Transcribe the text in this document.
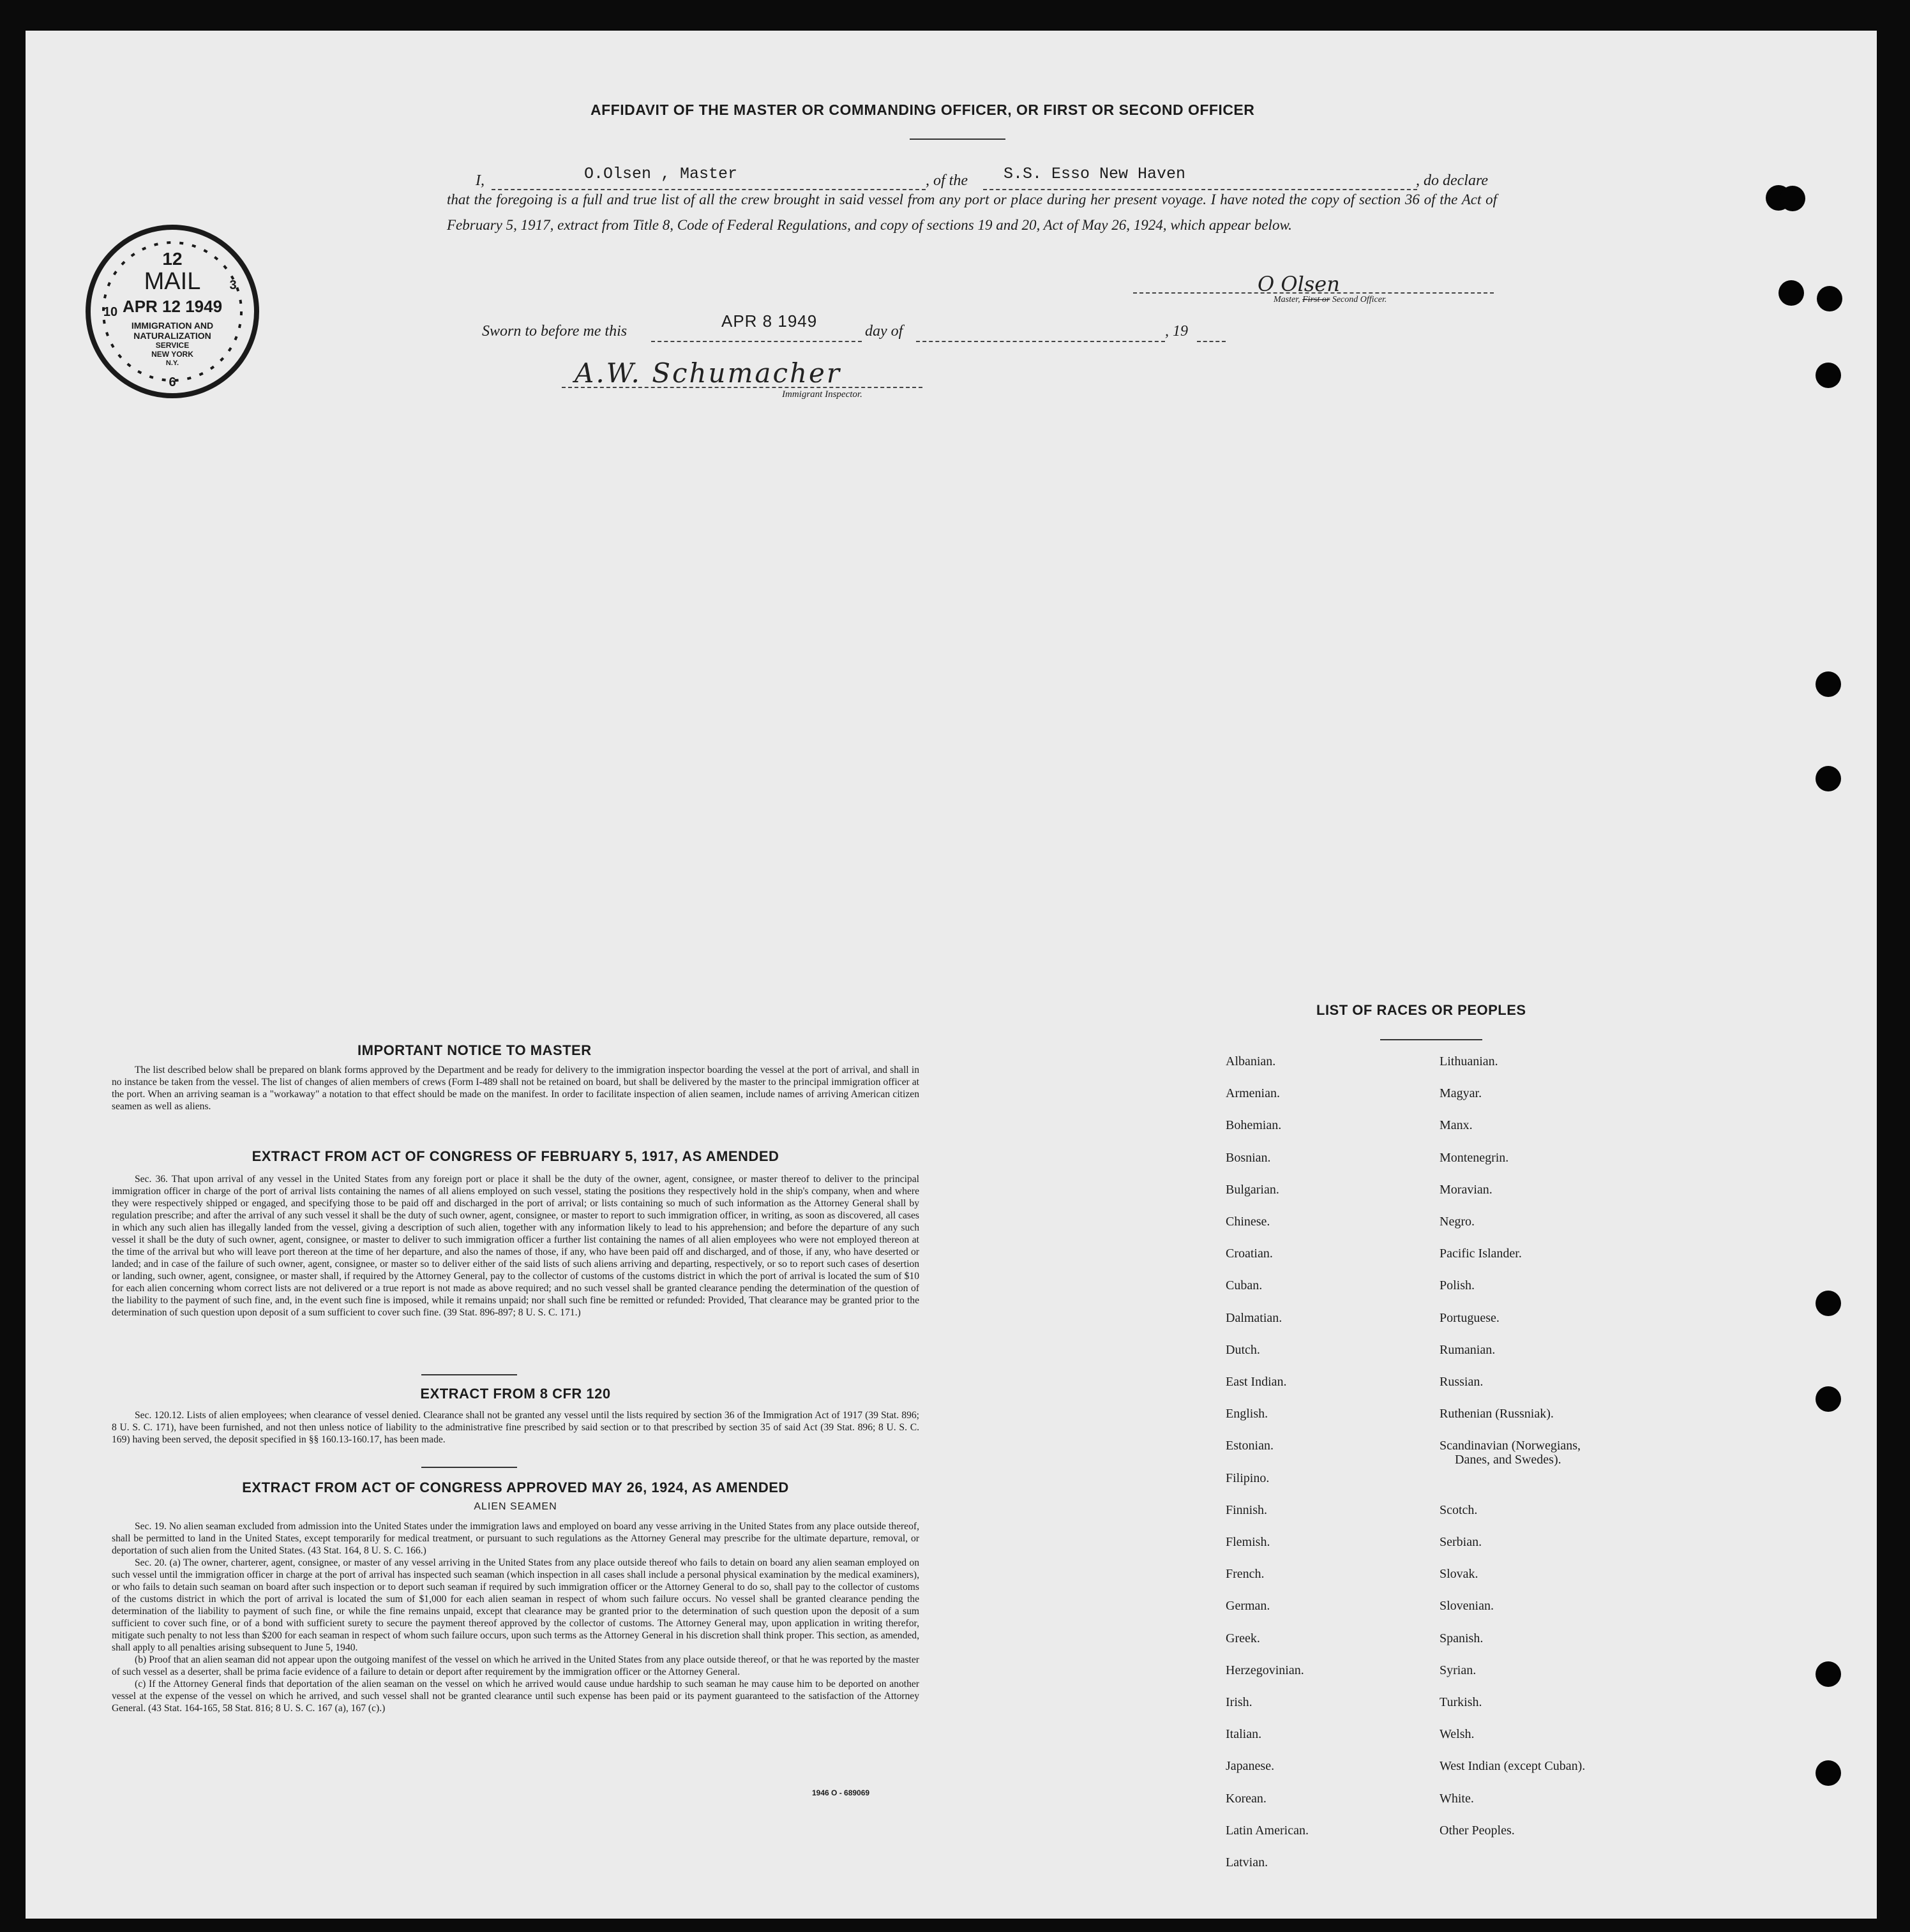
AFFIDAVIT OF THE MASTER OR COMMANDING OFFICER, OR FIRST OR SECOND OFFICER
I,	O.Olsen , Master	, of the S.S. Esso New Haven	, do declare
that the foregoing is a full and true list of all the crew brought in said vessel from any port or place during her present voyage. I have noted the copy of section 36 of the Act of February 5, 1917, extract from Title 8, Code of Federal Regulations, and copy of sections 19 and 20, Act of May 26, 1924, which appear below.
O Olsen
Master, First or Second Officer.
Sworn to before me this
APR 8 1949
day of	, 19
A.W. Schumacher
Immigrant Inspector.
12
10
3
6
MAIL
APR 12 1949
IMMIGRATION AND
NATURALIZATION
SERVICE
NEW YORK
N.Y.
IMPORTANT NOTICE TO MASTER

The list described below shall be prepared on blank forms approved by the Department and be ready for delivery to the immigration inspector boarding the vessel at the port of arrival, and shall in no instance be taken from the vessel. The list of changes of alien members of crews (Form I-489 shall not be retained on board, but shall be delivered by the master to the principal immigration officer at the port. When an arriving seaman is a "workaway" a notation to that effect should be made on the manifest. In order to facilitate inspection of alien seamen, include names of arriving American citizen seamen as well as aliens.

EXTRACT FROM ACT OF CONGRESS OF FEBRUARY 5, 1917, AS AMENDED

Sec. 36. That upon arrival of any vessel in the United States from any foreign port or place it shall be the duty of the owner, agent, consignee, or master thereof to deliver to the principal immigration officer in charge of the port of arrival lists containing the names of all aliens employed on such vessel, stating the positions they respectively hold in the ship's company, when and where they were respectively shipped or engaged, and specifying those to be paid off and discharged in the port of arrival; or lists containing so much of such information as the Attorney General shall by regulation prescribe; and after the arrival of any such vessel it shall be the duty of such owner, agent, consignee, or master to report to such immigration officer, in writing, as soon as discovered, all cases in which any such alien has illegally landed from the vessel, giving a description of such alien, together with any information likely to lead to his apprehension; and before the departure of any such vessel it shall be the duty of such owner, agent, consignee, or master to deliver to such immigration officer a further list containing the names of all alien employees who were not employed thereon at the time of the arrival but who will leave port thereon at the time of her departure, and also the names of those, if any, who have been paid off and discharged, and of those, if any, who have deserted or landed; and in case of the failure of such owner, agent, consignee, or master so to deliver either of the said lists of such aliens arriving and departing, respectively, or so to report such cases of desertion or landing, such owner, agent, consignee, or master shall, if required by the Attorney General, pay to the collector of customs of the customs district in which the port of arrival is located the sum of $10 for each alien concerning whom correct lists are not delivered or a true report is not made as above required; and no such vessel shall be granted clearance pending the determination of the question of the liability to the payment of such fine, and, in the event such fine is imposed, while it remains unpaid; nor shall such fine be remitted or refunded: Provided, That clearance may be granted prior to the determination of such question upon deposit of a sum sufficient to cover such fine. (39 Stat. 896-897; 8 U. S. C. 171.)

EXTRACT FROM 8 CFR 120

Sec. 120.12. Lists of alien employees; when clearance of vessel denied. Clearance shall not be granted any vessel until the lists required by section 36 of the Immigration Act of 1917 (39 Stat. 896; 8 U. S. C. 171), have been furnished, and not then unless notice of liability to the administrative fine prescribed by said section or to that prescribed by section 35 of said Act (39 Stat. 896; 8 U. S. C. 169) having been served, the deposit specified in §§ 160.13-160.17, has been made.

EXTRACT FROM ACT OF CONGRESS APPROVED MAY 26, 1924, AS AMENDED
ALIEN SEAMEN

Sec. 19. No alien seaman excluded from admission into the United States under the immigration laws and employed on board any vesse arriving in the United States from any place outside thereof, shall be permitted to land in the United States, except temporarily for medical treatment, or pursuant to such regulations as the Attorney General may prescribe for the ultimate departure, removal, or deportation of such alien from the United States. (43 Stat. 164, 8 U. S. C. 166.)

Sec. 20. (a) The owner, charterer, agent, consignee, or master of any vessel arriving in the United States from any place outside thereof who fails to detain on board any alien seaman employed on such vessel until the immigration officer in charge at the port of arrival has inspected such seaman (which inspection in all cases shall include a personal physical examination by the medical examiners), or who fails to detain such seaman on board after such inspection or to deport such seaman if required by such immigration officer or the Attorney General to do so, shall pay to the collector of customs of the customs district in which the port of arrival is located the sum of $1,000 for each alien seaman in respect of whom such failure occurs. No vessel shall be granted clearance pending the determination of the liability to payment of such fine, or while the fine remains unpaid, except that clearance may be granted prior to the determination of such question upon the deposit of a sum sufficient to cover such fine, or of a bond with sufficient surety to secure the payment thereof approved by the collector of customs. The Attorney General may, upon application in writing therefor, mitigate such penalty to not less than $200 for each seaman in respect of whom such failure occurs, upon such terms as the Attorney General in his discretion shall think proper. This section, as amended, shall apply to all penalties arising subsequent to June 5, 1940.

(b) Proof that an alien seaman did not appear upon the outgoing manifest of the vessel on which he arrived in the United States from any place outside thereof, or that he was reported by the master of such vessel as a deserter, shall be prima facie evidence of a failure to detain or deport after requirement by the immigration officer or the Attorney General.

(c) If the Attorney General finds that deportation of the alien seaman on the vessel on which he arrived would cause undue hardship to such seaman he may cause him to be deported on another vessel at the expense of the vessel on which he arrived, and such vessel shall not be granted clearance until such expense has been paid or its payment guaranteed to the satisfaction of the Attorney General. (43 Stat. 164-165, 58 Stat. 816; 8 U. S. C. 167 (a), 167 (c).)

1946 O - 689069
LIST OF RACES OR PEOPLES
Albanian.
Armenian.
Bohemian.
Bosnian.
Bulgarian.
Chinese.
Croatian.
Cuban.
Dalmatian.
Dutch.
East Indian.
English.
Estonian.
Filipino.
Finnish.
Flemish.
French.
German.
Greek.
Herzegovinian.
Irish.
Italian.
Japanese.
Korean.
Latin American.
Latvian.
Lithuanian.
Magyar.
Manx.
Montenegrin.
Moravian.
Negro.
Pacific Islander.
Polish.
Portuguese.
Rumanian.
Russian.
Ruthenian (Russniak).
Scandinavian (Norwegians,
Danes, and Swedes).
Scotch.
Serbian.
Slovak.
Slovenian.
Spanish.
Syrian.
Turkish.
Welsh.
West Indian (except Cuban).
White.
Other Peoples.
